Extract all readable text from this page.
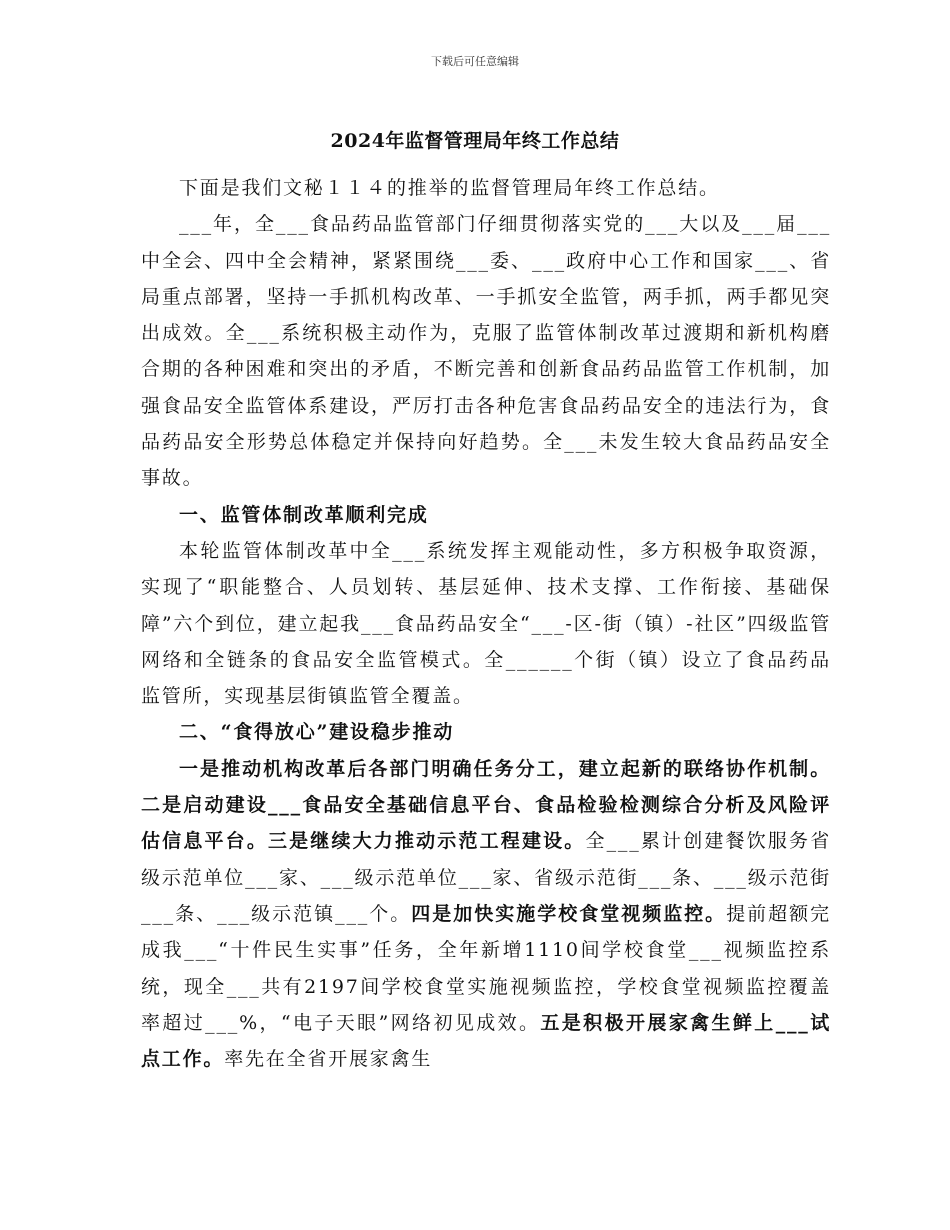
下载后可任意编辑
2024年监督管理局年终工作总结

下面是我们文秘１１４的推举的监督管理局年终工作总结。

___年，全___食品药品监管部门仔细贯彻落实党的___大以及___届___中全会、四中全会精神，紧紧围绕___委、___政府中心工作和国家___、省局重点部署，坚持一手抓机构改革、一手抓安全监管，两手抓，两手都见突出成效。全___系统积极主动作为，克服了监管体制改革过渡期和新机构磨合期的各种困难和突出的矛盾，不断完善和创新食品药品监管工作机制，加强食品安全监管体系建设，严厉打击各种危害食品药品安全的违法行为，食品药品安全形势总体稳定并保持向好趋势。全___未发生较大食品药品安全事故。

一、监管体制改革顺利完成

本轮监管体制改革中全___系统发挥主观能动性，多方积极争取资源，实现了“职能整合、人员划转、基层延伸、技术支撑、工作衔接、基础保障”六个到位，建立起我___食品药品安全“___-区-街（镇）-社区”四级监管网络和全链条的食品安全监管模式。全______个街（镇）设立了食品药品监管所，实现基层街镇监管全覆盖。

二、“食得放心”建设稳步推动

一是推动机构改革后各部门明确任务分工，建立起新的联络协作机制。二是启动建设___食品安全基础信息平台、食品检验检测综合分析及风险评估信息平台。三是继续大力推动示范工程建设。全___累计创建餐饮服务省级示范单位___家、___级示范单位___家、省级示范街___条、___级示范街___条、___级示范镇___个。四是加快实施学校食堂视频监控。提前超额完成我___“十件民生实事”任务，全年新增1110间学校食堂___视频监控系统，现全___共有2197间学校食堂实施视频监控，学校食堂视频监控覆盖率超过___%，“电子天眼”网络初见成效。五是积极开展家禽生鲜上___试点工作。率先在全省开展家禽生
